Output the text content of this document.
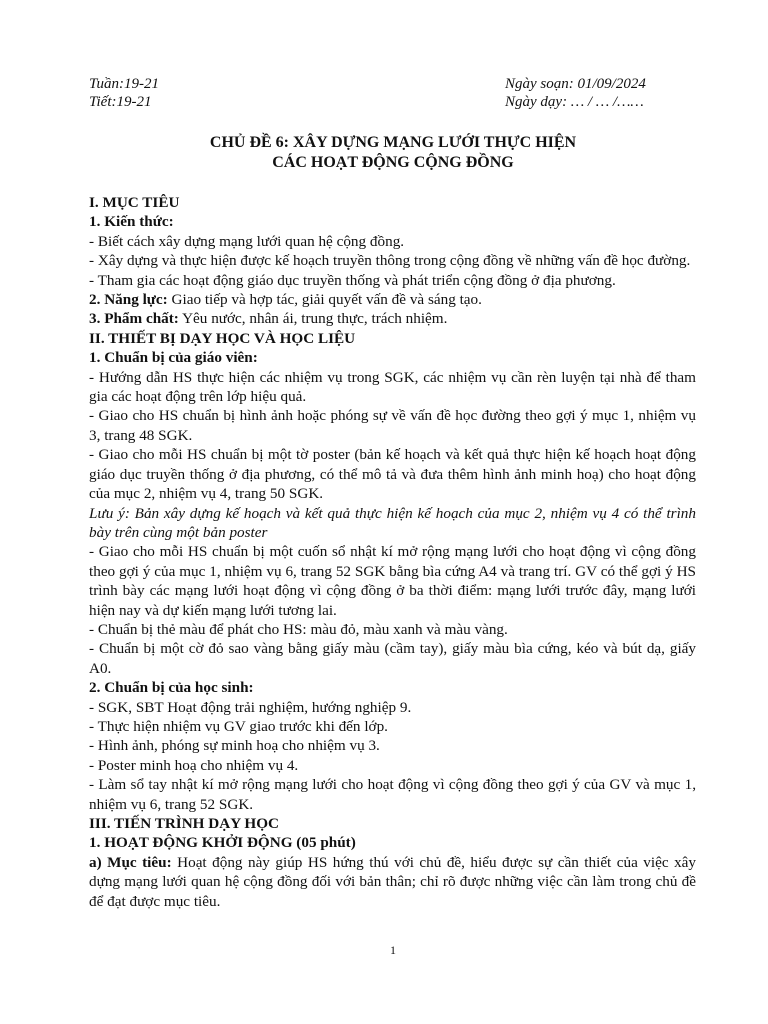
Tuần:19-21
Tiết:19-21
Ngày soạn: 01/09/2024
Ngày dạy: … / … /……
CHỦ ĐỀ 6: XÂY DỰNG MẠNG LƯỚI THỰC HIỆN
CÁC HOẠT ĐỘNG CỘNG ĐỒNG

I. MỤC TIÊU

1. Kiến thức:

- Biết cách xây dựng mạng lưới quan hệ cộng đồng.

- Xây dựng và thực hiện được kế hoạch truyền thông trong cộng đồng về những vấn đề học đường.

- Tham gia các hoạt động giáo dục truyền thống và phát triển cộng đồng ở địa phương.

2. Năng lực: Giao tiếp và hợp tác, giải quyết vấn đề và sáng tạo.

3. Phẩm chất: Yêu nước, nhân ái, trung thực, trách nhiệm.

II. THIẾT BỊ DẠY HỌC VÀ HỌC LIỆU

1. Chuẩn bị của giáo viên:

- Hướng dẫn HS thực hiện các nhiệm vụ trong SGK, các nhiệm vụ cần rèn luyện tại nhà để tham gia các hoạt động trên lớp hiệu quả.

- Giao cho HS chuẩn bị hình ảnh hoặc phóng sự về vấn đề học đường theo gợi ý mục 1, nhiệm vụ 3, trang 48 SGK.

- Giao cho mỗi HS chuẩn bị một tờ poster (bản kế hoạch và kết quả thực hiện kế hoạch hoạt động giáo dục truyền thống ở địa phương, có thể mô tả và đưa thêm hình ảnh minh hoạ) cho hoạt động của mục 2, nhiệm vụ 4, trang 50 SGK.

Lưu ý: Bản xây dựng kế hoạch và kết quả thực hiện kế hoạch của mục 2, nhiệm vụ 4 có thể trình bày trên cùng một bản poster

- Giao cho mỗi HS chuẩn bị một cuốn sổ nhật kí mở rộng mạng lưới cho hoạt động vì cộng đồng theo gợi ý của mục 1, nhiệm vụ 6, trang 52 SGK bằng bìa cứng A4 và trang trí. GV có thể gợi ý HS trình bày các mạng lưới hoạt động vì cộng đồng ở ba thời điểm: mạng lưới trước đây, mạng lưới hiện nay và dự kiến mạng lưới tương lai.

- Chuẩn bị thẻ màu để phát cho HS: màu đỏ, màu xanh và màu vàng.

- Chuẩn bị một cờ đỏ sao vàng bằng giấy màu (cầm tay), giấy màu bìa cứng, kéo và bút dạ, giấy A0.

2. Chuẩn bị của học sinh:

- SGK, SBT Hoạt động trải nghiệm, hướng nghiệp 9.

- Thực hiện nhiệm vụ GV giao trước khi đến lớp.

- Hình ảnh, phóng sự minh hoạ cho nhiệm vụ 3.

- Poster minh hoạ cho nhiệm vụ 4.

- Làm sổ tay nhật kí mở rộng mạng lưới cho hoạt động vì cộng đồng theo gợi ý của GV và mục 1, nhiệm vụ 6, trang 52 SGK.

III. TIẾN TRÌNH DẠY HỌC

1. HOẠT ĐỘNG KHỞI ĐỘNG (05 phút)

a) Mục tiêu: Hoạt động này giúp HS hứng thú với chủ đề, hiểu được sự cần thiết của việc xây dựng mạng lưới quan hệ cộng đồng đối với bản thân; chỉ rõ được những việc cần làm trong chủ đề để đạt được mục tiêu.

1
